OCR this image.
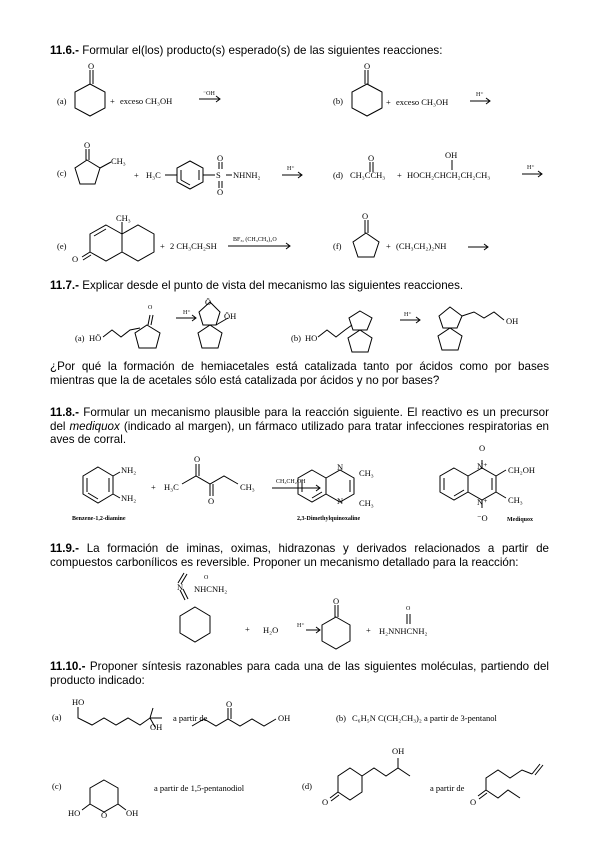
11.6.- Formular el(los) producto(s) esperado(s) de las siguientes reacciones:
11.7.- Explicar desde el punto de vista del mecanismo las siguientes reacciones.
¿Por qué la formación de hemiacetales está catalizada tanto por ácidos como por bases mientras que la de acetales sólo está catalizada por ácidos y no por bases?
11.8.- Formular un mecanismo plausible para la reacción siguiente. El reactivo es un precursor del mediquox (indicado al margen), un fármaco utilizado para tratar infecciones respiratorias en aves de corral.
11.9.- La formación de iminas, oximas, hidrazonas y derivados relacionados a partir de compuestos carbonílicos es reversible. Proponer un mecanismo detallado para la reacción:
11.10.- Proponer síntesis razonables para cada una de las siguientes moléculas, partiendo del producto indicado:
(a)
O
+ exceso CH₃OH
⁻OH
(b)
O
+ exceso CH₃OH
H⁺
(c)
O
CH₃
+ H₃C
O
S
O
NHNH₂
H⁺
(d)
O
CH₃CCH₃ +
OH
HOCH₂CHCH₂CH₂CH₃
H⁺
(e)
CH₃
O
+ 2 CH₃CH₂SH
BF₃, (CH₃CH₂)₂O
(f)
O
+ (CH₃CH₂)₂NH
(a) HÖ
O
H⁺
Ö
ÖH
(b) HO
H⁺
OH
NH₂
NH₂
Benzene-1,2-diamine
+
O
H₃C	CH₃
O
CH₃CH₂OH
N
N
CH₃
CH₃
2,3-Dimethylquinoxaline
O
N⁺ CH₂OH
CH₃
N⁺
⁻O	Mediquox
O
NHCNH₂
N
+ H₂O	H⁺
O
+
O
H₂NNHCNH₂
(a)
HO
OH
a partir de
O
OH	(b) C₆H₅N C(CH₂CH₃)₂ a partir de 3-pentanol
(c)
HO O OH
a partir de 1,5-pentanodiol	(d)
OH
O
a partir de
O
